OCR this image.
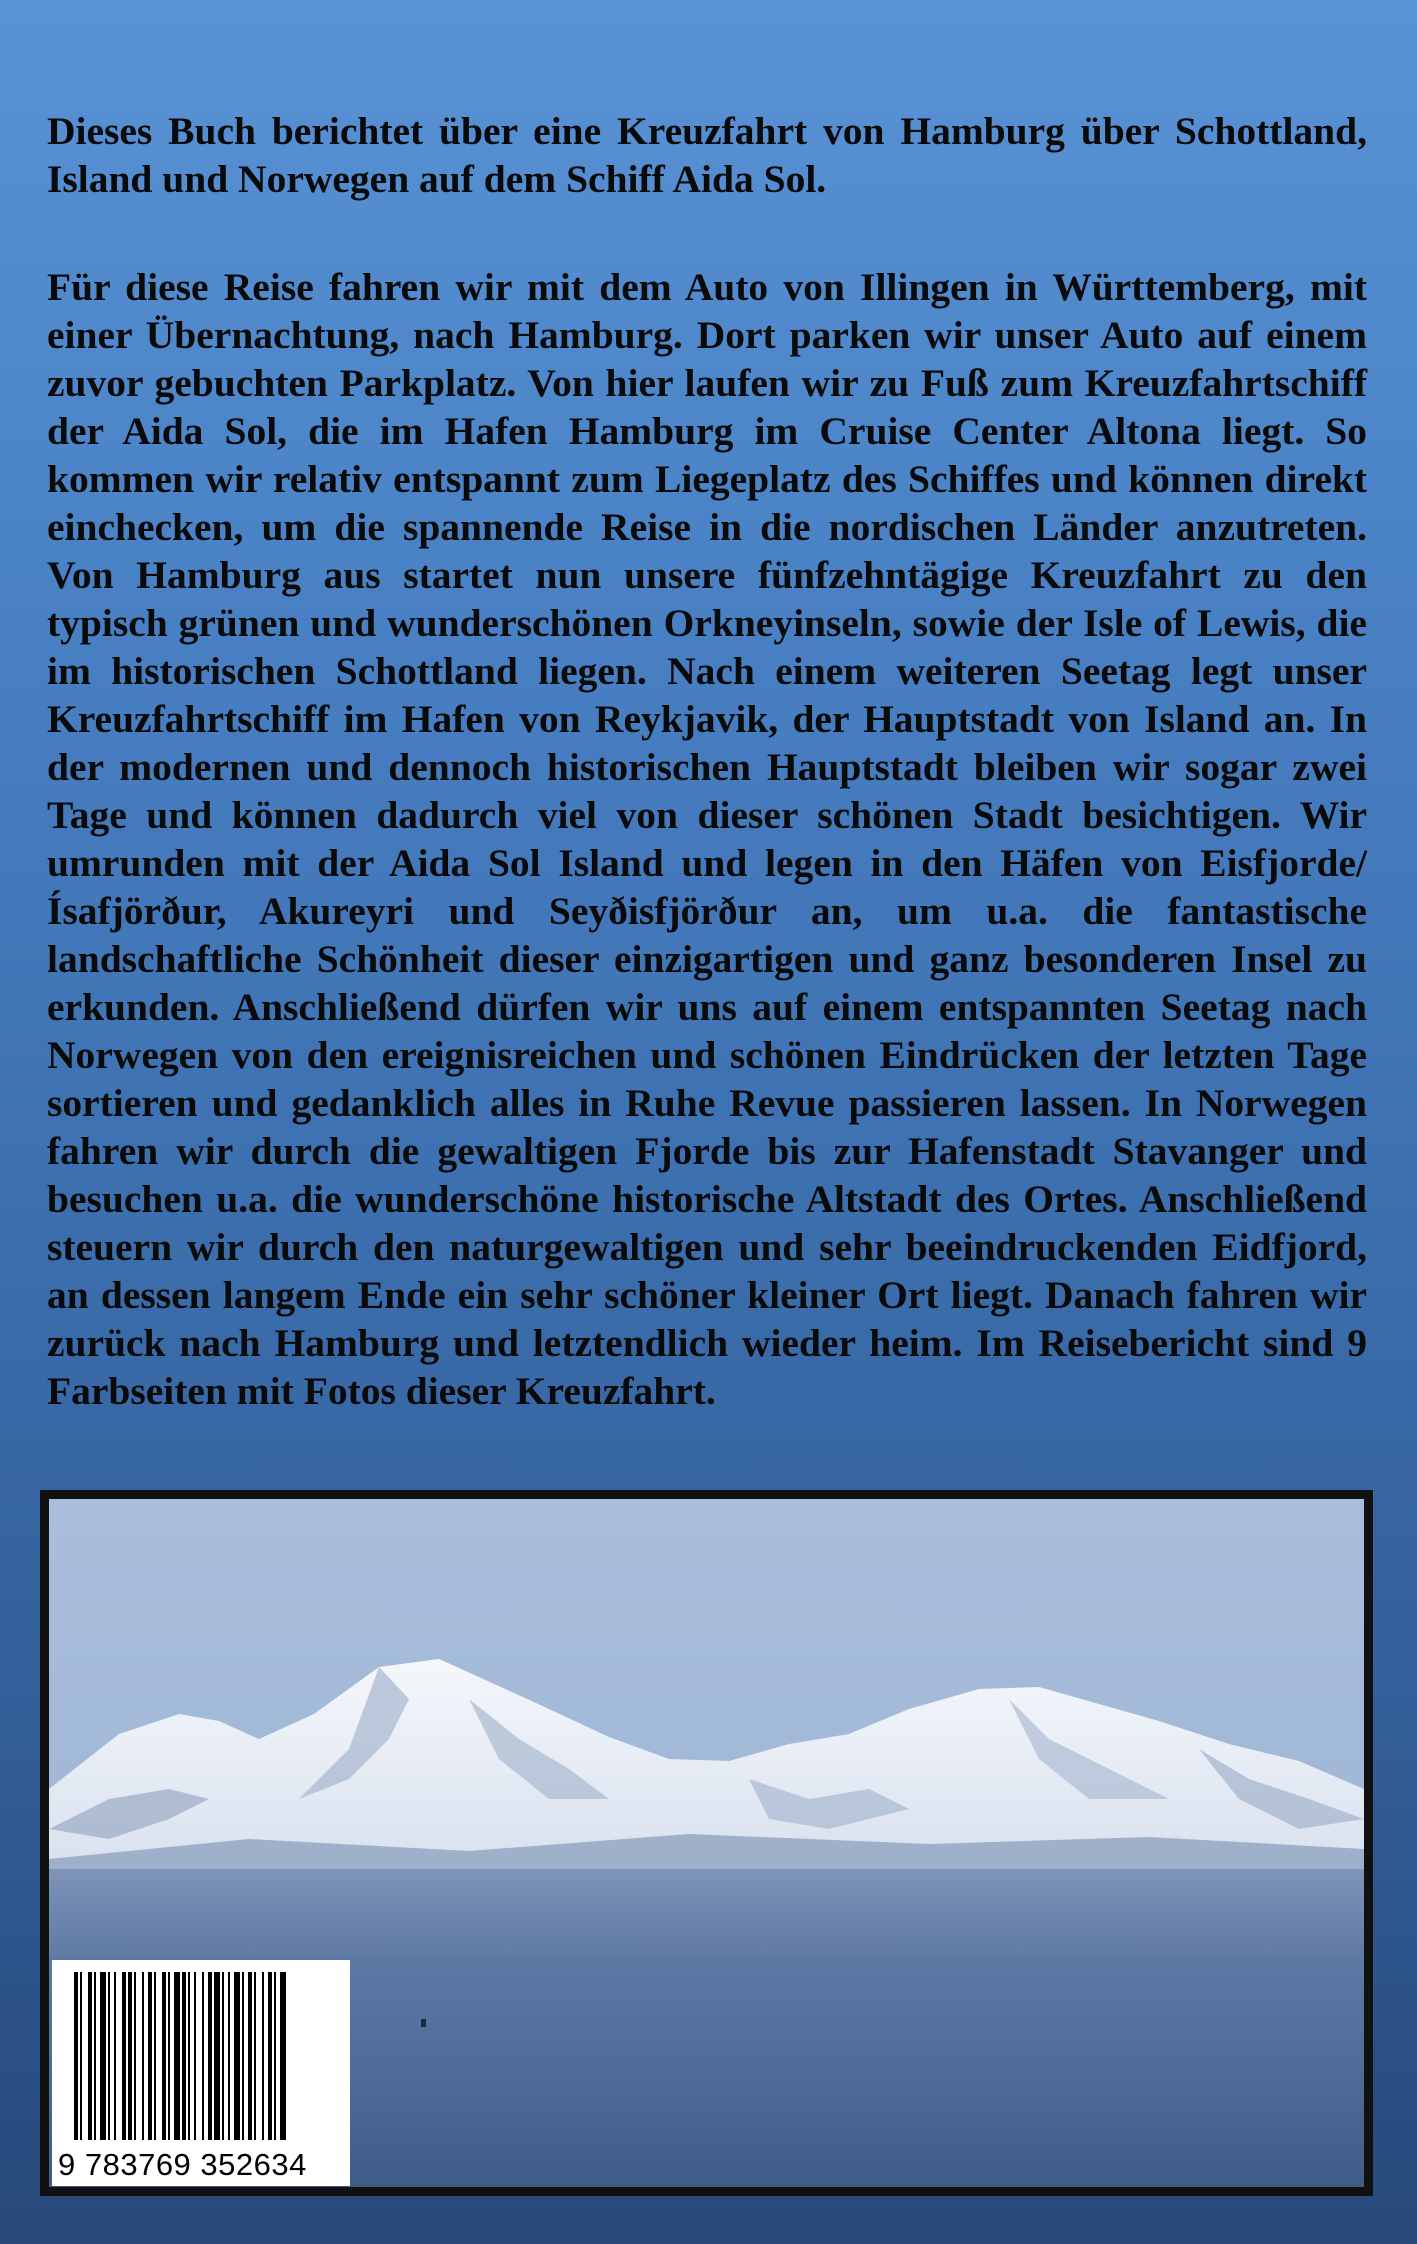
Dieses Buch berichtet über eine Kreuzfahrt von Hamburg über Schottland, Island und Norwegen auf dem Schiff Aida Sol.
Für diese Reise fahren wir mit dem Auto von Illingen in Württemberg, mit einer Übernachtung, nach Hamburg. Dort parken wir unser Auto auf einem zuvor gebuchten Parkplatz. Von hier laufen wir zu Fuß zum Kreuzfahrtschiff der Aida Sol, die im Hafen Hamburg im Cruise Center Altona liegt. So kommen wir relativ entspannt zum Liegeplatz des Schiffes und können direkt einchecken, um die spannende Reise in die nordischen Länder anzutreten. Von Hamburg aus startet nun unsere fünfzehntägige Kreuzfahrt zu den typisch grünen und wunderschönen Orkneyinseln, sowie der Isle of Lewis, die im historischen Schottland liegen. Nach einem weiteren Seetag legt unser Kreuzfahrtschiff im Hafen von Reykjavik, der Hauptstadt von Island an. In der modernen und dennoch historischen Hauptstadt bleiben wir sogar zwei Tage und können dadurch viel von dieser schönen Stadt besichtigen. Wir umrunden mit der Aida Sol Island und legen in den Häfen von Eisfjorde/Ísafjörður, Akureyri und Seyðisfjörður an, um u.a. die fantastische landschaftliche Schönheit dieser einzigartigen und ganz besonderen Insel zu erkunden. Anschließend dürfen wir uns auf einem entspannten Seetag nach Norwegen von den ereignisreichen und schönen Eindrücken der letzten Tage sortieren und gedanklich alles in Ruhe Revue passieren lassen. In Norwegen fahren wir durch die gewaltigen Fjorde bis zur Hafenstadt Stavanger und besuchen u.a. die wunderschöne historische Altstadt des Ortes. Anschließend steuern wir durch den naturgewaltigen und sehr beeindruckenden Eidfjord, an dessen langem Ende ein sehr schöner kleiner Ort liegt. Danach fahren wir zurück nach Hamburg und letztendlich wieder heim. Im Reisebericht sind 9 Farbseiten mit Fotos dieser Kreuzfahrt.
9 783769 352634
